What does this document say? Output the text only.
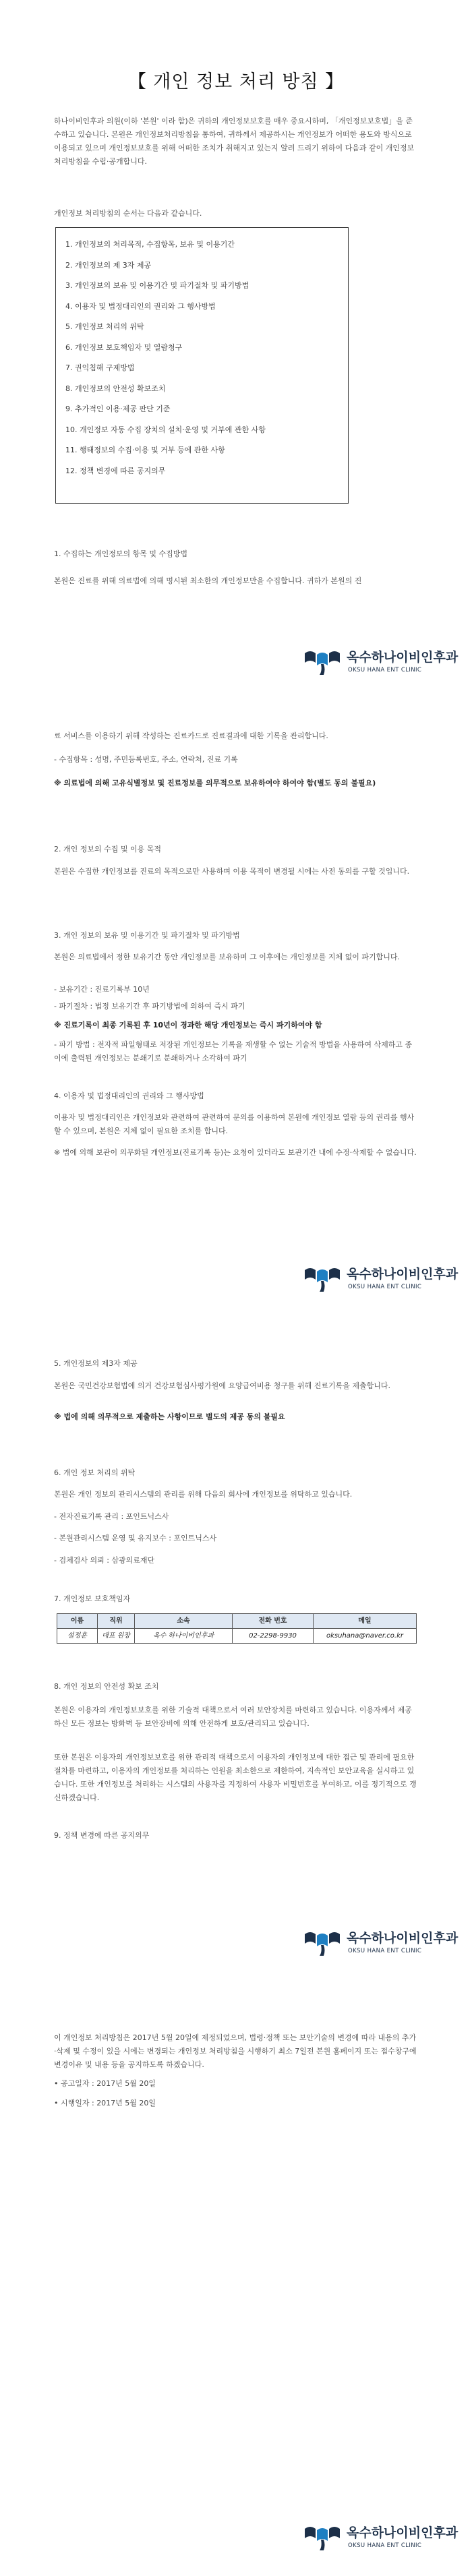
【 개인 정보 처리 방침 】

하나이비인후과 의원(이하 '본원' 이라 함)은 귀하의 개인정보보호를 매우 중요시하며, 「개인정보보호법」을 준수하고 있습니다. 본원은 개인정보처리방침을 통하여, 귀하께서 제공하시는 개인정보가 어떠한 용도와 방식으로 이용되고 있으며 개인정보보호를 위해 어떠한 조치가 취해지고 있는지 알려 드리기 위하여 다음과 같이 개인정보 처리방침을 수립·공개합니다.

개인정보 처리방침의 순서는 다음과 같습니다.
1. 개인정보의 처리목적, 수집항목, 보유 및 이용기간
2. 개인정보의 제 3자 제공
3. 개인정보의 보유 및 이용기간 및 파기절차 및 파기방법
4. 이용자 및 법정대리인의 권리와 그 행사방법
5. 개인정보 처리의 위탁
6. 개인정보 보호책임자 및 열람청구
7. 권익침해 구제방법
8. 개인정보의 안전성 확보조치
9. 추가적인 이용·제공 판단 기준
10. 개인정보 자동 수집 장치의 설치·운영 및 거부에 관한 사항
11. 행태정보의 수집·이용 및 거부 등에 관한 사항
12. 정책 변경에 따른 공지의무
1. 수집하는 개인정보의 항목 및 수집방법

본원은 진료를 위해 의료법에 의해 명시된 최소한의 개인정보만을 수집합니다. 귀하가 본원의 진

옥수하나이비인후과
OKSU HANA ENT CLINIC

료 서비스를 이용하기 위해 작성하는 진료카드로 진료결과에 대한 기록을 관리합니다.

- 수집항목 : 성명, 주민등록번호, 주소, 연락처, 진료 기록

※ 의료법에 의해 고유식별정보 및 진료정보를 의무적으로 보유하여야 하여야 함(별도 동의 불필요)

2. 개인 정보의 수집 및 이용 목적

본원은 수집한 개인정보를 진료의 목적으로만 사용하며 이용 목적이 변경될 시에는 사전 동의를 구할 것입니다.

3. 개인 정보의 보유 및 이용기간 및 파기절차 및 파기방법

본원은 의료법에서 정한 보유기간 동안 개인정보를 보유하며 그 이후에는 개인정보를 지체 없이 파기합니다.

- 보유기간 : 진료기록부 10년
- 파기절차 : 법정 보유기간 후 파기방법에 의하여 즉시 파기

※ 진료기록이 최종 기록된 후 10년이 경과한 해당 개인정보는 즉시 파기하여야 함

- 파기 방법 : 전자적 파일형태로 저장된 개인정보는 기록을 재생할 수 없는 기술적 방법을 사용하여 삭제하고 종이에 출력된 개인정보는 분쇄기로 분쇄하거나 소각하여 파기

4. 이용자 및 법정대리인의 권리와 그 행사방법

이용자 및 법정대리인은 개인정보와 관련하여 관련하여 문의를 이용하여 본원에 개인정보 열람 등의 권리를 행사할 수 있으며, 본원은 지체 없이 필요한 조치를 합니다.

※ 법에 의해 보관이 의무화된 개인정보(진료기록 등)는 요청이 있더라도 보관기간 내에 수정·삭제할 수 없습니다.

옥수하나이비인후과
OKSU HANA ENT CLINIC
5. 개인정보의 제3자 제공

본원은 국민건강보험법에 의거 건강보험심사평가원에 요양급여비용 청구를 위해 진료기록을 제출합니다.

※ 법에 의해 의무적으로 제출하는 사항이므로 별도의 제공 동의 불필요

6. 개인 정보 처리의 위탁

본원은 개인 정보의 관리시스템의 관리를 위해 다음의 회사에 개인정보를 위탁하고 있습니다.

- 전자진료기록 관리 : 포인트닉스사
- 본원관리시스템 운영 및 유지보수 : 포인트닉스사
- 검체검사 의뢰 : 삼광의료재단
7. 개인정보 보호책임자
이름	직위	소속	전화 번호	메일
설정훈	대표 원장	옥수 하나이비인후과	02-2298-9930	oksuhana@naver.co.kr
8. 개인 정보의 안전성 확보 조치

본원은 이용자의 개인정보보호를 위한 기술적 대책으로서 여러 보안장치를 마련하고 있습니다. 이용자께서 제공하신 모든 정보는 방화벽 등 보안장비에 의해 안전하게 보호/관리되고 있습니다.

또한 본원은 이용자의 개인정보보호를 위한 관리적 대책으로서 이용자의 개인정보에 대한 접근 및 관리에 필요한 절차를 마련하고, 이용자의 개인정보를 처리하는 인원을 최소한으로 제한하여, 지속적인 보안교육을 실시하고 있습니다. 또한 개인정보를 처리하는 시스템의 사용자를 지정하여 사용자 비밀번호를 부여하고, 이를 정기적으로 갱신하겠습니다.

9. 정책 변경에 따른 공지의무
옥수하나이비인후과
OKSU HANA ENT CLINIC

이 개인정보 처리방침은 2017년 5월 20일에 제정되었으며, 법령·정책 또는 보안기술의 변경에 따라 내용의 추가·삭제 및 수정이 있을 시에는 변경되는 개인정보 처리방침을 시행하기 최소 7일전 본원 홈페이지 또는 접수창구에 변경이유 및 내용 등을 공지하도록 하겠습니다.

• 공고일자 : 2017년 5월 20일
• 시행일자 : 2017년 5월 20일
옥수하나이비인후과
OKSU HANA ENT CLINIC
